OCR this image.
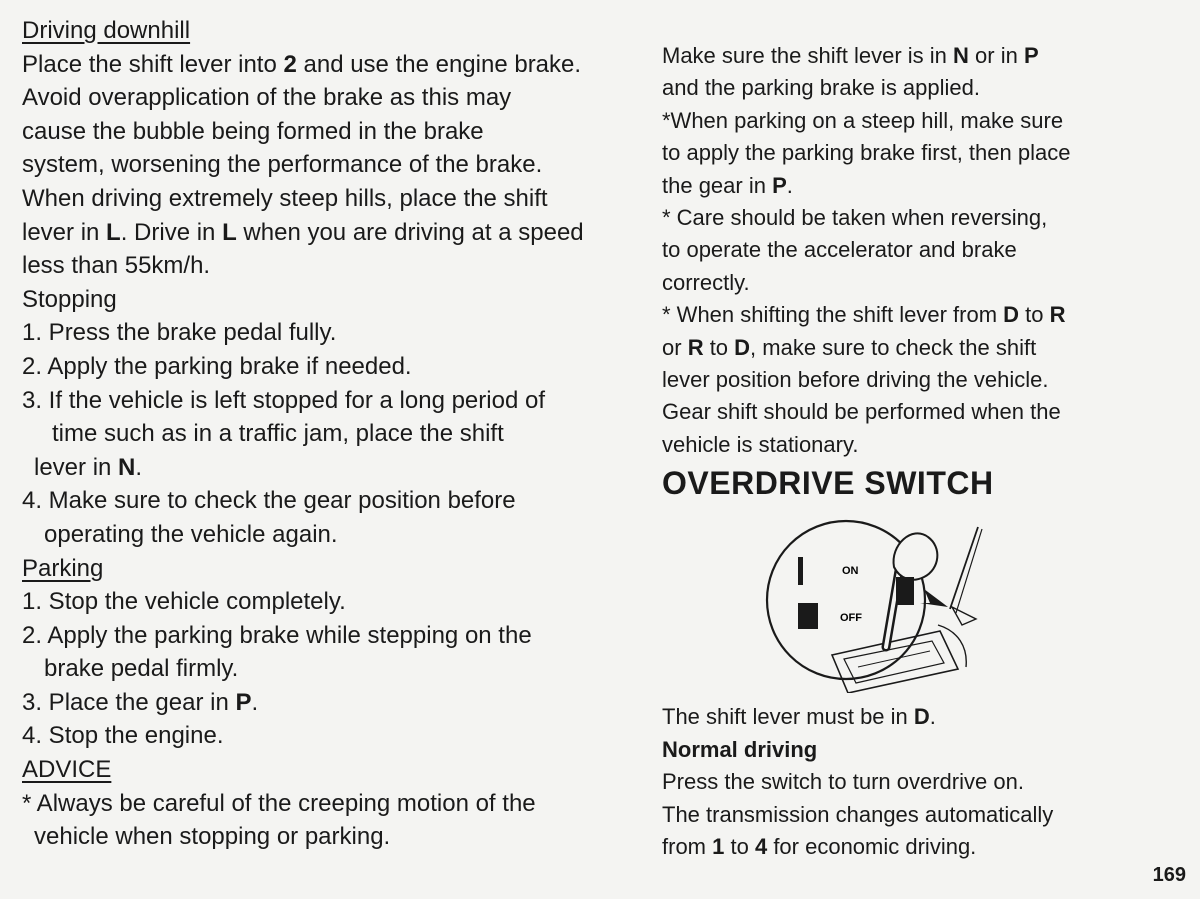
Driving downhill
Place the shift lever into 2 and use the engine brake.
Avoid overapplication of the brake as this may
cause the bubble being formed in the brake
system, worsening the performance of the brake.
When driving extremely steep hills, place the shift
lever in L. Drive in L when you are driving at a speed
less than 55km/h.
Stopping
1. Press the brake pedal fully.
2. Apply the parking brake if needed.
3. If the vehicle is left stopped for a long period of
time such as in a traffic jam, place the shift
lever in N.
4. Make sure to check the gear position before
operating the vehicle again.
Parking
1. Stop the vehicle completely.
2. Apply the parking brake while stepping on the
brake pedal firmly.
3. Place the gear in P.
4. Stop the engine.
ADVICE
* Always be careful of the creeping motion of the
vehicle when stopping or parking.
Make sure the shift lever is in N or in P
and the parking brake is applied.
*When parking on a steep hill, make sure
to apply the parking brake first, then place
the gear in P.
* Care should be taken when reversing,
to operate the accelerator and brake
correctly.
* When shifting the shift lever from D to R
or R to D, make sure to check the shift
lever position before driving the vehicle.
Gear shift should be performed when the
vehicle is stationary.
OVERDRIVE SWITCH
ON
OFF
The shift lever must be in D.
Normal driving
Press the switch to turn overdrive on.
The transmission changes automatically
from 1 to 4 for economic driving.
169
